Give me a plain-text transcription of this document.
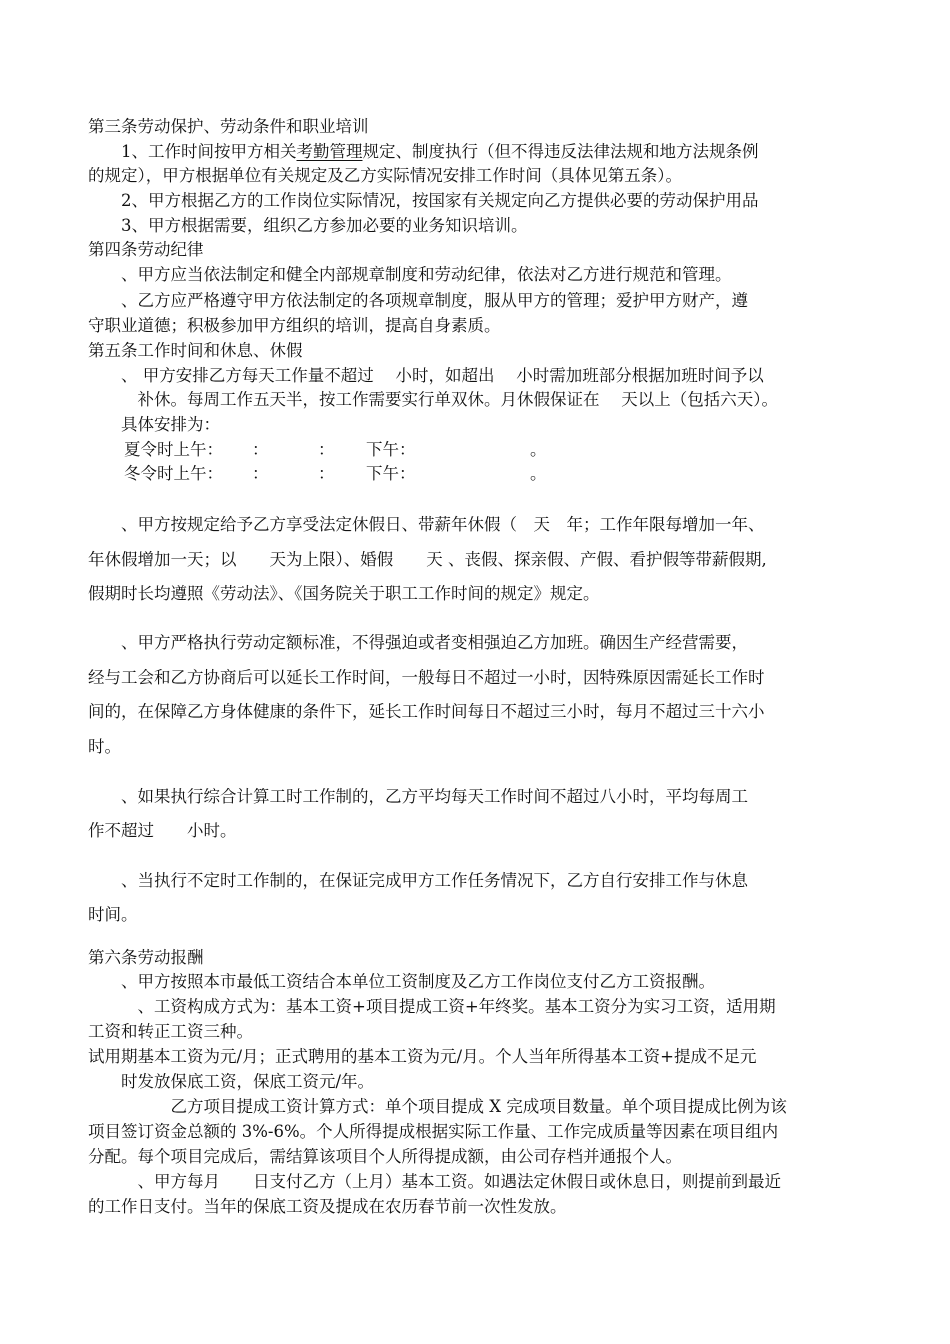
第三条劳动保护、劳动条件和职业培训
　　1、工作时间按甲方相关考勤管理规定、制度执行（但不得违反法律法规和地方法规条例
的规定），甲方根据单位有关规定及乙方实际情况安排工作时间（具体见第五条）。
　　2、甲方根据乙方的工作岗位实际情况，按国家有关规定向乙方提供必要的劳动保护用品
　　3、甲方根据需要，组织乙方参加必要的业务知识培训。
第四条劳动纪律
　　、甲方应当依法制定和健全内部规章制度和劳动纪律，依法对乙方进行规范和管理。
　　、乙方应严格遵守甲方依法制定的各项规章制度，服从甲方的管理；爱护甲方财产，遵
守职业道德；积极参加甲方组织的培训，提高自身素质。
第五条工作时间和休息、休假
　　、 甲方安排乙方每天工作量不超过　 小时，如超出　 小时需加班部分根据加班时间予以
　　　补休。每周工作五天半，按工作需要实行单双休。月休假保证在　 天以上（包括六天）。
　　具体安排为：
夏令时上午： ：	： 下午：	。
冬令时上午： ：	： 下午：	。
　　、甲方按规定给予乙方享受法定休假日、带薪年休假（　天　年；工作年限每增加一年、
年休假增加一天；以　　天为上限）、婚假　　天 、丧假、探亲假、产假、看护假等带薪假期,
假期时长均遵照《劳动法》、《国务院关于职工工作时间的规定》规定。
　　、甲方严格执行劳动定额标准，不得强迫或者变相强迫乙方加班。确因生产经营需要，
经与工会和乙方协商后可以延长工作时间，一般每日不超过一小时，因特殊原因需延长工作时
间的，在保障乙方身体健康的条件下，延长工作时间每日不超过三小时，每月不超过三十六小
时。
　　、如果执行综合计算工时工作制的，乙方平均每天工作时间不超过八小时，平均每周工
作不超过　　小时。
　　、当执行不定时工作制的，在保证完成甲方工作任务情况下，乙方自行安排工作与休息
时间。
第六条劳动报酬
　　、甲方按照本市最低工资结合本单位工资制度及乙方工作岗位支付乙方工资报酬。
　　　、工资构成方式为：基本工资+项目提成工资+年终奖。基本工资分为实习工资，适用期
工资和转正工资三种。
试用期基本工资为元/月；正式聘用的基本工资为元/月。个人当年所得基本工资+提成不足元
　　时发放保底工资，保底工资元/年。
　　　　　乙方项目提成工资计算方式：单个项目提成 X 完成项目数量。单个项目提成比例为该
项目签订资金总额的 3%-6%。个人所得提成根据实际工作量、工作完成质量等因素在项目组内
分配。每个项目完成后，需结算该项目个人所得提成额，由公司存档并通报个人。
　　　、甲方每月　　日支付乙方（上月）基本工资。如遇法定休假日或休息日，则提前到最近
的工作日支付。当年的保底工资及提成在农历春节前一次性发放。
